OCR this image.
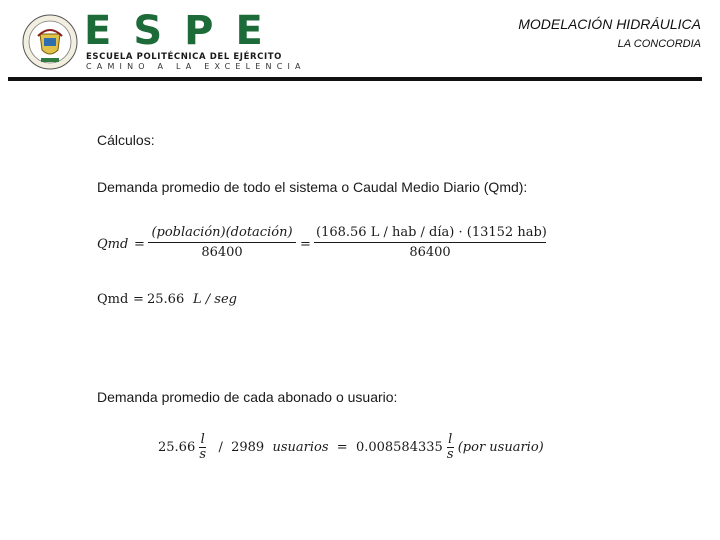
ESPE
ESCUELA POLITÉCNICA DEL EJÉRCITO
CAMINO A LA EXCELENCIA
MODELACIÓN HIDRÁULICA
LA CONCORDIA
Cálculos:
Demanda promedio de todo el sistema o Caudal Medio Diario (Qmd):
Qmd =
(población)(dotación)
86400
=
(168.56 L / hab / día) · (13152 hab)
86400
Qmd = 25.66 L / seg
Demanda promedio de cada abonado o usuario:
$25.66 \frac{l}{s} / 2989$ usuarios = $0.008584335 \frac{l}{s} (por$ usuario)
